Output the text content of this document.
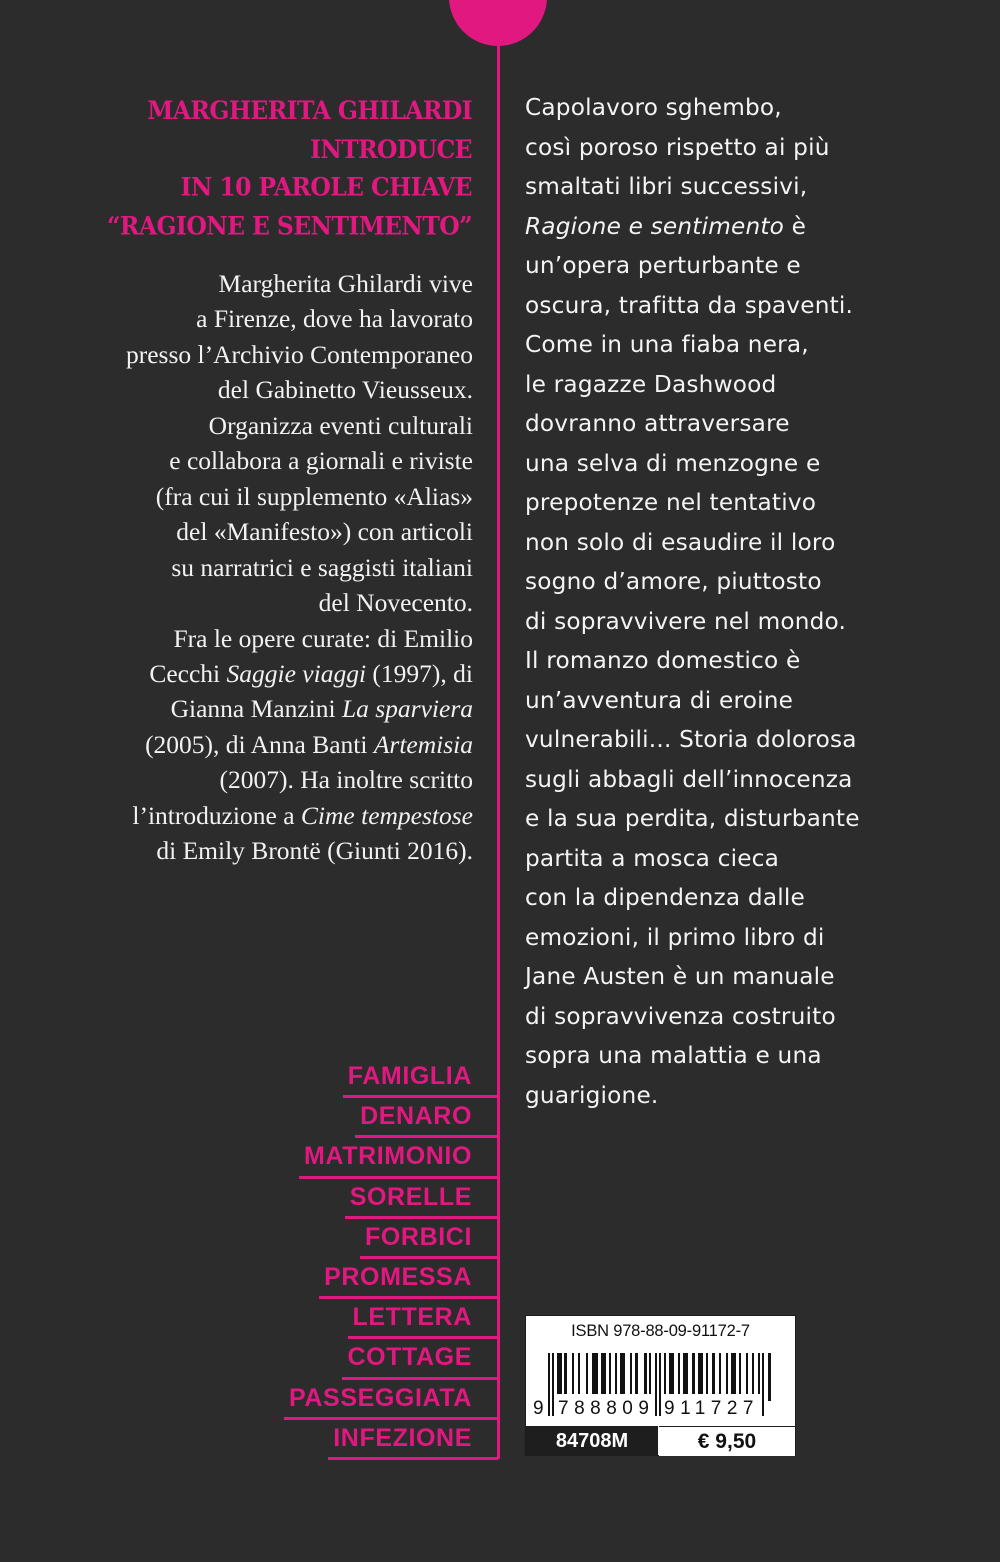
MARGHERITA GHILARDI
INTRODUCE
IN 10 PAROLE CHIAVE
“RAGIONE E SENTIMENTO”
Margherita Ghilardi vive
a Firenze, dove ha lavorato
presso l’Archivio Contemporaneo
del Gabinetto Vieusseux.
Organizza eventi culturali
e collabora a giornali e riviste
(fra cui il supplemento «Alias»
del «Manifesto») con articoli
su narratrici e saggisti italiani
del Novecento.
Fra le opere curate: di Emilio
Cecchi Saggie viaggi (1997), di
Gianna Manzini La sparviera
(2005), di Anna Banti Artemisia
(2007). Ha inoltre scritto
l’introduzione a Cime tempestose
di Emily Brontë (Giunti 2016).
Capolavoro sghembo,
così poroso rispetto ai più
smaltati libri successivi,
Ragione e sentimento è
un’opera perturbante e
oscura, trafitta da spaventi.
Come in una fiaba nera,
le ragazze Dashwood
dovranno attraversare
una selva di menzogne e
prepotenze nel tentativo
non solo di esaudire il loro
sogno d’amore, piuttosto
di sopravvivere nel mondo.
Il romanzo domestico è
un’avventura di eroine
vulnerabili... Storia dolorosa
sugli abbagli dell’innocenza
e la sua perdita, disturbante
partita a mosca cieca
con la dipendenza dalle
emozioni, il primo libro di
Jane Austen è un manuale
di sopravvivenza costruito
sopra una malattia e una
guarigione.
FAMIGLIA
DENARO
MATRIMONIO
SORELLE
FORBICI
PROMESSA
LETTERA
COTTAGE
PASSEGGIATA
INFEZIONE
ISBN 978-88-09-91172-7
9 788809 911727
84708M	€ 9,50
